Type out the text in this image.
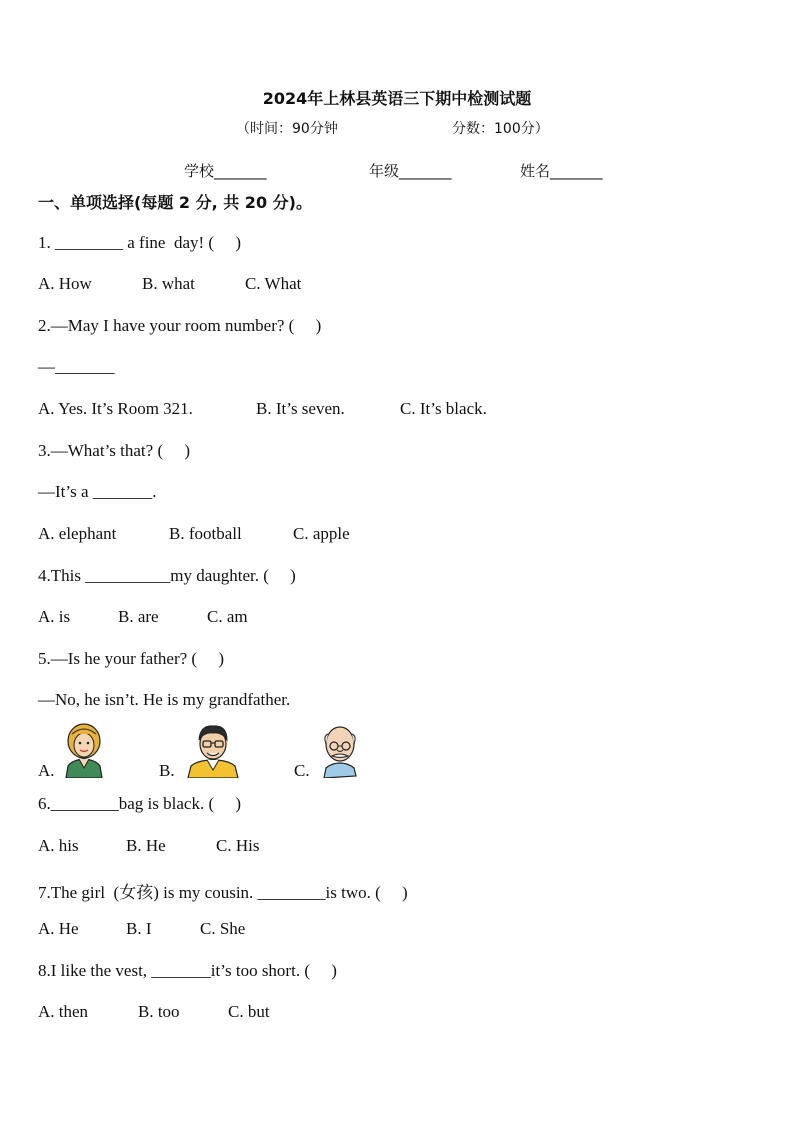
2024年上林县英语三下期中检测试题
（时间：90分钟	分数：100分）
学校_______	年级_______	姓名_______
一、单项选择(每题 2 分, 共 20 分)。
1. ________ a fine  day! (     )
A. How	B. what	C. What
2.—May I have your room number? (     )
—_______
A. Yes. It’s Room 321.	B. It’s seven.	C. It’s black.
3.—What’s that? (     )
—It’s a _______.
A. elephant	B. football	C. apple
4.This __________my daughter. (     )
A. is	B. are	C. am
5.—Is he your father? (     )
—No, he isn’t. He is my grandfather.
A.	B.	C.
6.________bag is black. (     )
A. his	B. He	C. His
7.The girl  (女孩) is my cousin. ________is two. (     )
A. He	B. I	C. She
8.I like the vest, _______it’s too short. (     )
A. then	B. too	C. but
